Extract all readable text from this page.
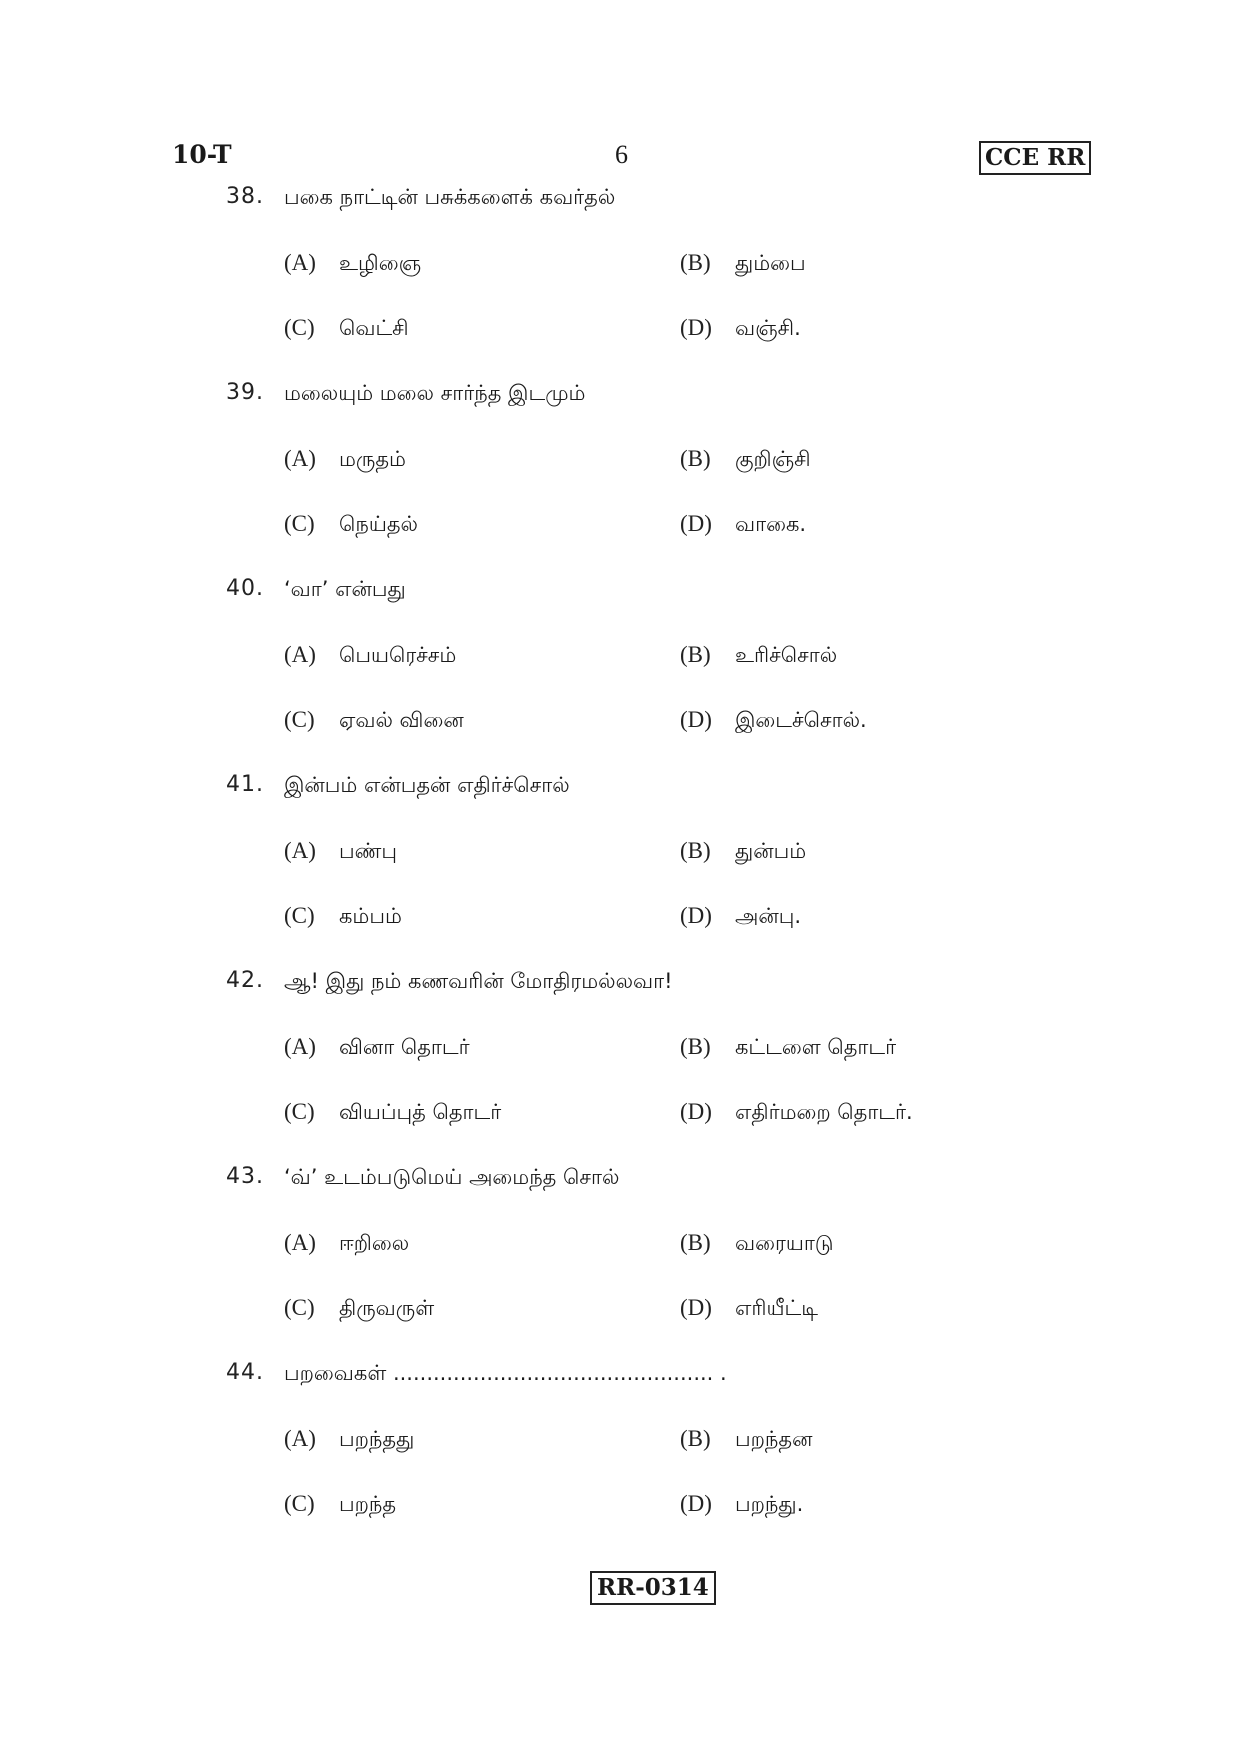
10-T	6	CCE RR
38. பகை நாட்டின் பசுக்களைக் கவர்தல்
(A) உழிஞை	(B) தும்பை
(C) வெட்சி	(D) வஞ்சி.
39. மலையும் மலை சார்ந்த இடமும்
(A) மருதம்	(B) குறிஞ்சி
(C) நெய்தல்	(D) வாகை.
40. ‘வா’ என்பது
(A) பெயரெச்சம்	(B) உரிச்சொல்
(C) ஏவல் வினை	(D) இடைச்சொல்.
41. இன்பம் என்பதன் எதிர்ச்சொல்
(A) பண்பு	(B) துன்பம்
(C) கம்பம்	(D) அன்பு.
42. ஆ! இது நம் கணவரின் மோதிரமல்லவா!
(A) வினா தொடர்	(B) கட்டளை தொடர்
(C) வியப்புத் தொடர்	(D) எதிர்மறை தொடர்.
43. ‘வ்’ உடம்படுமெய் அமைந்த சொல்
(A) ஈறிலை	(B) வரையாடு
(C) திருவருள்	(D) எரியீட்டி
44. பறவைகள் ................................................ .
(A) பறந்தது	(B) பறந்தன
(C) பறந்த	(D) பறந்து.
RR-0314
